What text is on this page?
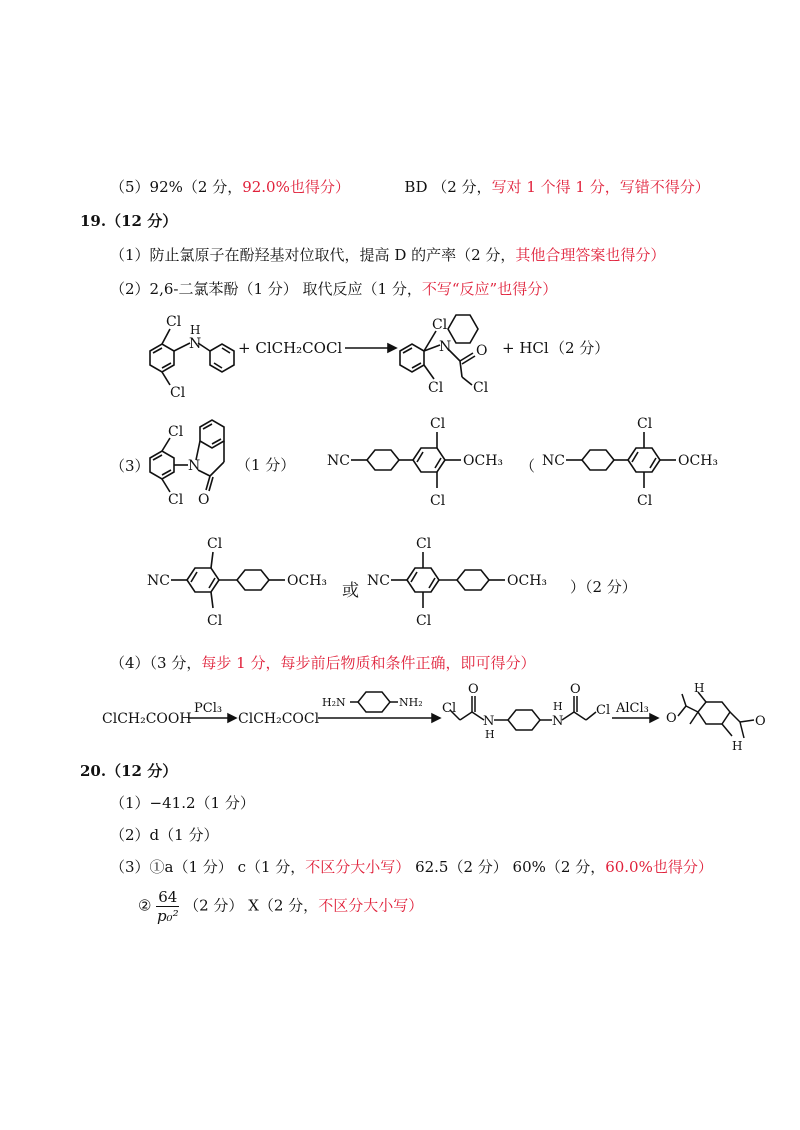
（5）92%（2 分，92.0%也得分）	BD （2 分，写对 1 个得 1 分，写错不得分）
19.（12 分）
（1）防止氯原子在酚羟基对位取代，提高 D 的产率（2 分，其他合理答案也得分）
（2）2,6-二氯苯酚（1 分） 取代反应（1 分，不写“反应”也得分）
Cl
Cl
H
N + ClCH₂COCl
Cl
Cl
N O
Cl
+ HCl （2 分）
（3）
Cl
Cl
N
O
（1 分） NC
Cl
Cl
OCH₃ （ NC
Cl
Cl
OCH₃
NC
Cl
Cl
OCH₃ 或 NC
Cl
Cl
OCH₃ ）（2 分）
（4）（3 分，每步 1 分，每步前后物质和条件正确，即可得分）
ClCH₂COOH
PCl₃
ClCH₂COCl
H₂N	NH₂ Cl
O
N
H
N
H
O
Cl AlCl₃
H
O	O
H
20.（12 分）
（1）−41.2（1 分）
（2）d（1 分）
（3）①a（1 分） c（1 分，不区分大小写） 62.5（2 分） 60%（2 分，60.0%也得分）
② $\frac{64}{\text{p₀²}} (2$ 分） X（2 分，不区分大小写）
